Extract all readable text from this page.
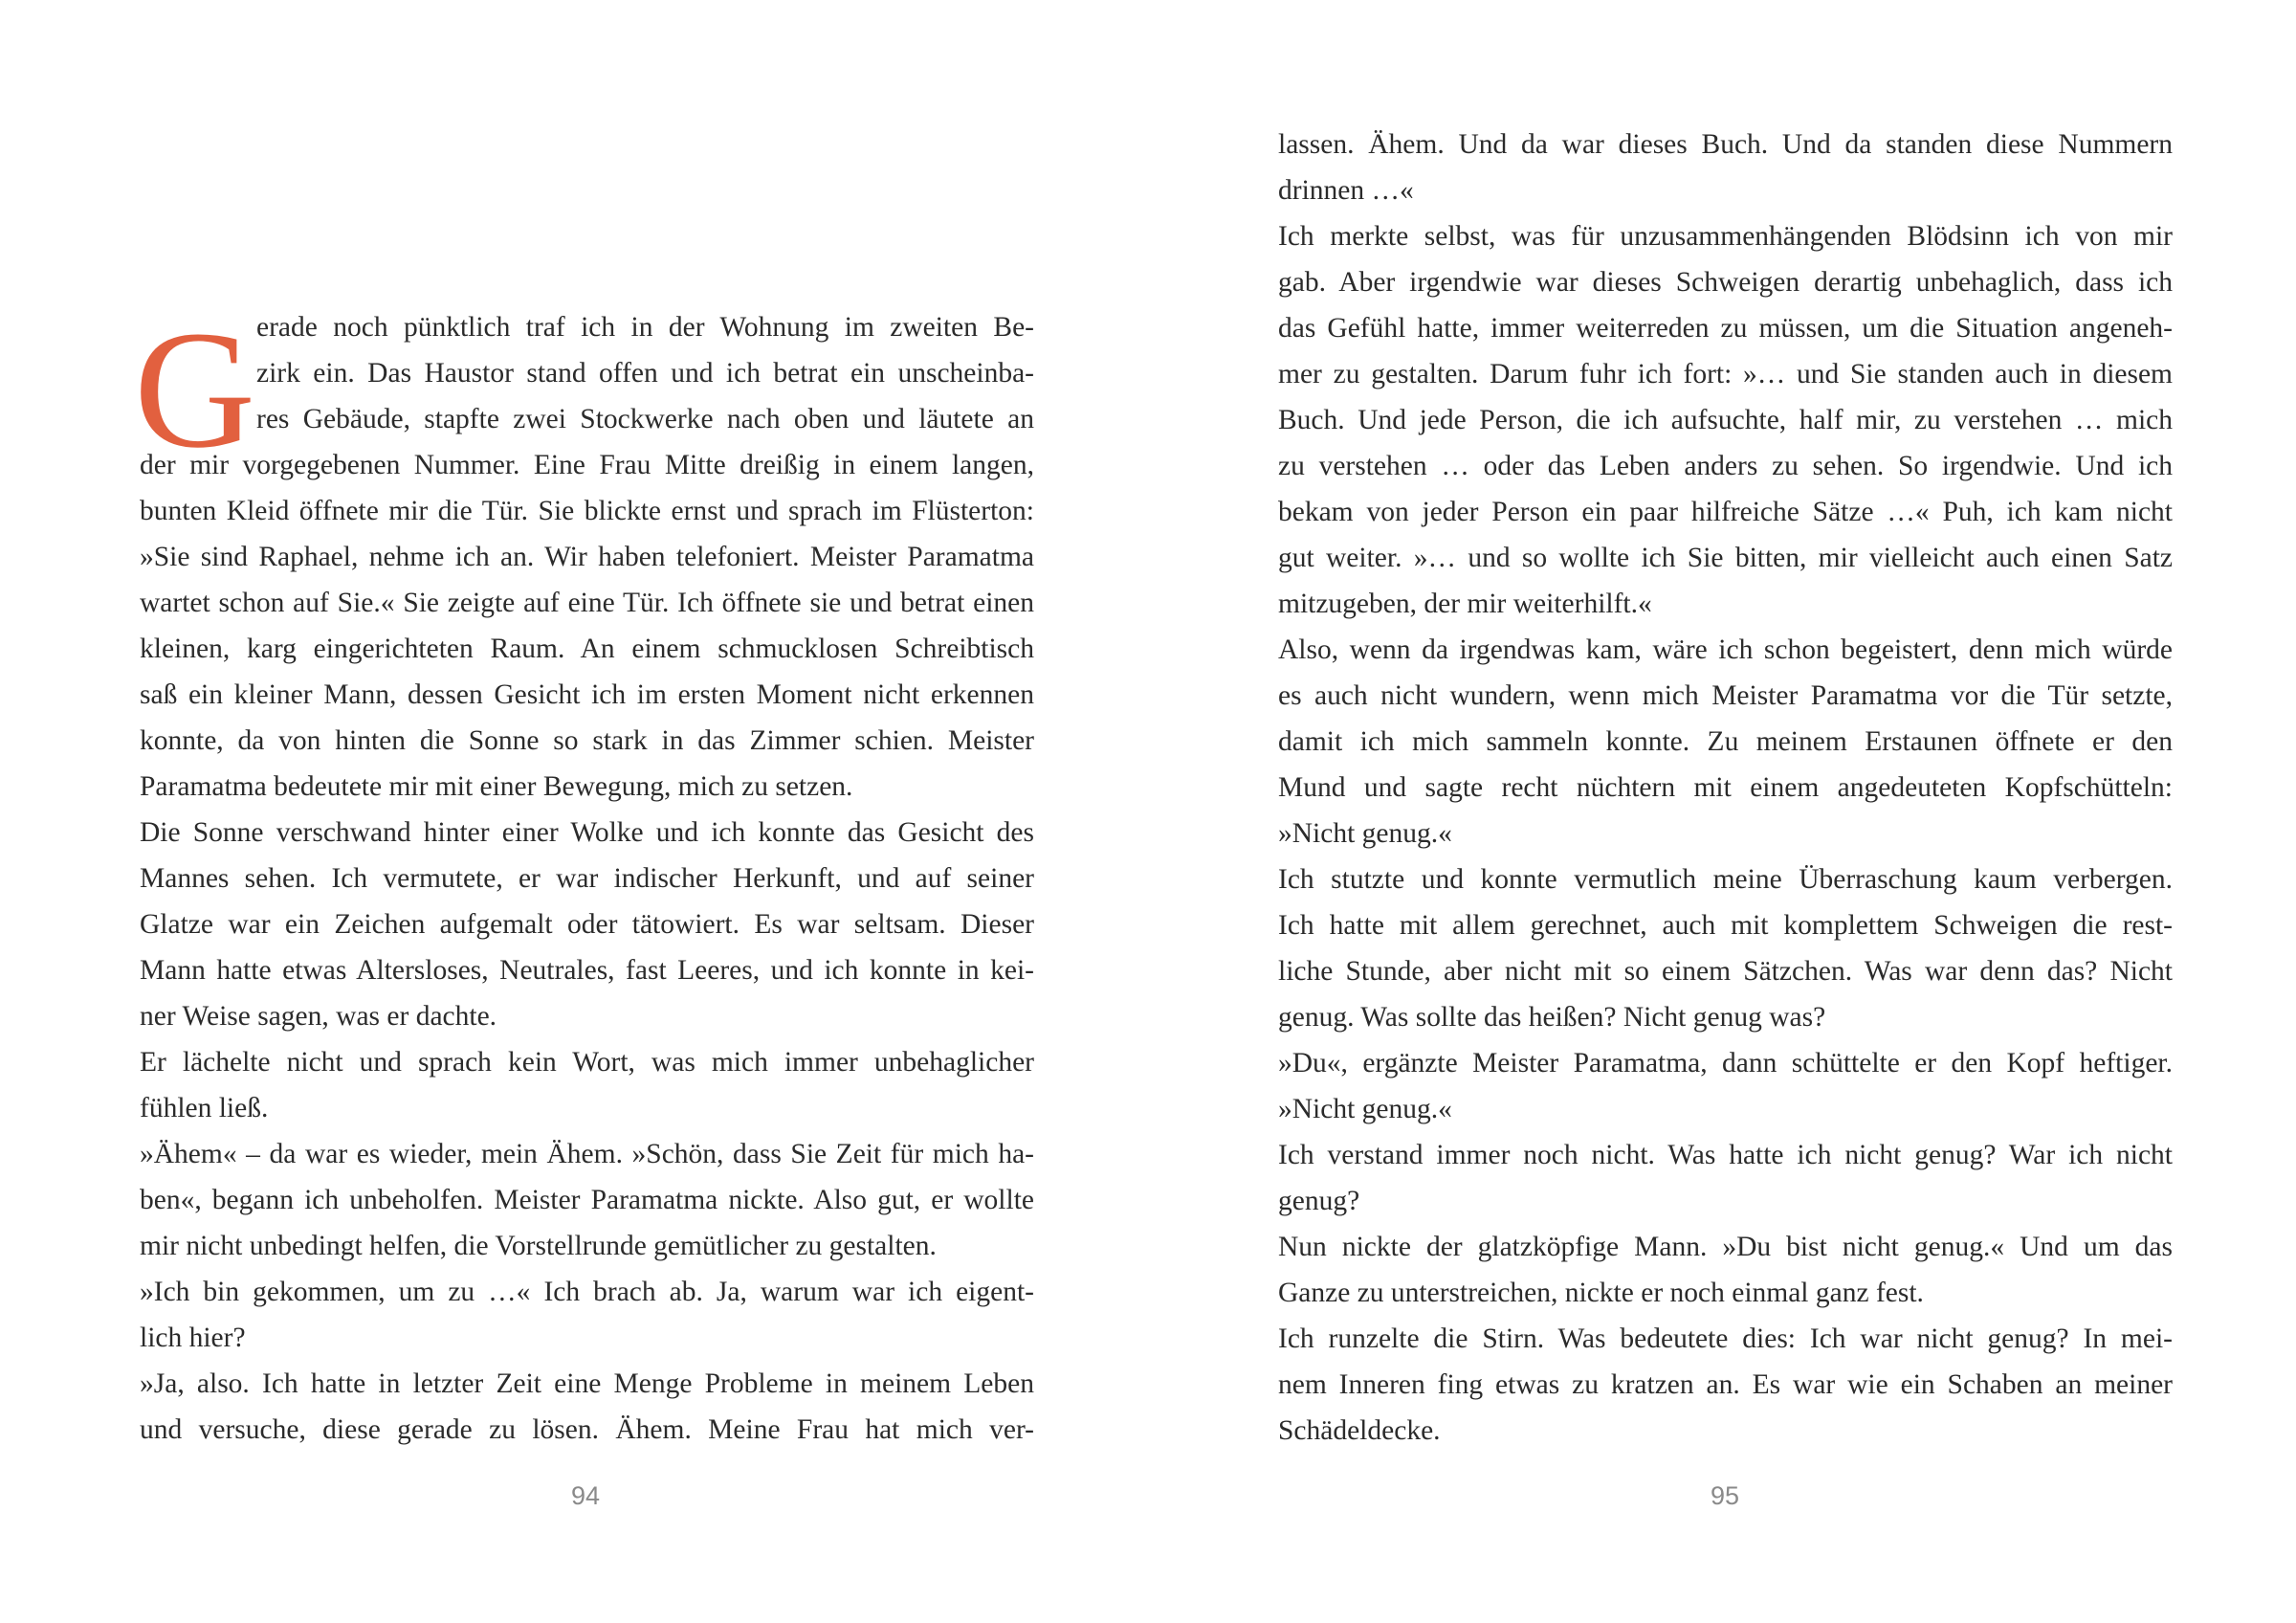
G erade noch pünktlich traf ich in der Wohnung im zweiten Be-
zirk ein. Das Haustor stand offen und ich betrat ein unscheinba-
res Gebäude, stapfte zwei Stockwerke nach oben und läutete an
der mir vorgegebenen Nummer. Eine Frau Mitte dreißig in einem langen,
bunten Kleid öffnete mir die Tür. Sie blickte ernst und sprach im Flüsterton:
»Sie sind Raphael, nehme ich an. Wir haben telefoniert. Meister Paramatma
wartet schon auf Sie.« Sie zeigte auf eine Tür. Ich öffnete sie und betrat einen
kleinen, karg eingerichteten Raum. An einem schmucklosen Schreibtisch
saß ein kleiner Mann, dessen Gesicht ich im ersten Moment nicht erkennen
konnte, da von hinten die Sonne so stark in das Zimmer schien. Meister
Paramatma bedeutete mir mit einer Bewegung, mich zu setzen.
Die Sonne verschwand hinter einer Wolke und ich konnte das Gesicht des
Mannes sehen. Ich vermutete, er war indischer Herkunft, und auf seiner
Glatze war ein Zeichen aufgemalt oder tätowiert. Es war seltsam. Dieser
Mann hatte etwas Altersloses, Neutrales, fast Leeres, und ich konnte in kei-
ner Weise sagen, was er dachte.
Er lächelte nicht und sprach kein Wort, was mich immer unbehaglicher
fühlen ließ.
»Ähem« – da war es wieder, mein Ähem. »Schön, dass Sie Zeit für mich ha-
ben«, begann ich unbeholfen. Meister Paramatma nickte. Also gut, er wollte
mir nicht unbedingt helfen, die Vorstellrunde gemütlicher zu gestalten.
»Ich bin gekommen, um zu …« Ich brach ab. Ja, warum war ich eigent-
lich hier?
»Ja, also. Ich hatte in letzter Zeit eine Menge Probleme in meinem Leben
und versuche, diese gerade zu lösen. Ähem. Meine Frau hat mich ver-
lassen. Ähem. Und da war dieses Buch. Und da standen diese Nummern
drinnen …«
Ich merkte selbst, was für unzusammenhängenden Blödsinn ich von mir
gab. Aber irgendwie war dieses Schweigen derartig unbehaglich, dass ich
das Gefühl hatte, immer weiterreden zu müssen, um die Situation angeneh-
mer zu gestalten. Darum fuhr ich fort: »… und Sie standen auch in diesem
Buch. Und jede Person, die ich aufsuchte, half mir, zu verstehen … mich
zu verstehen … oder das Leben anders zu sehen. So irgendwie. Und ich
bekam von jeder Person ein paar hilfreiche Sätze …« Puh, ich kam nicht
gut weiter. »… und so wollte ich Sie bitten, mir vielleicht auch einen Satz
mitzugeben, der mir weiterhilft.«
Also, wenn da irgendwas kam, wäre ich schon begeistert, denn mich würde
es auch nicht wundern, wenn mich Meister Paramatma vor die Tür setzte,
damit ich mich sammeln konnte. Zu meinem Erstaunen öffnete er den
Mund und sagte recht nüchtern mit einem angedeuteten Kopfschütteln:
»Nicht genug.«
Ich stutzte und konnte vermutlich meine Überraschung kaum verbergen.
Ich hatte mit allem gerechnet, auch mit komplettem Schweigen die rest-
liche Stunde, aber nicht mit so einem Sätzchen. Was war denn das? Nicht
genug. Was sollte das heißen? Nicht genug was?
»Du«, ergänzte Meister Paramatma, dann schüttelte er den Kopf heftiger.
»Nicht genug.«
Ich verstand immer noch nicht. Was hatte ich nicht genug? War ich nicht
genug?
Nun nickte der glatzköpfige Mann. »Du bist nicht genug.« Und um das
Ganze zu unterstreichen, nickte er noch einmal ganz fest.
Ich runzelte die Stirn. Was bedeutete dies: Ich war nicht genug? In mei-
nem Inneren fing etwas zu kratzen an. Es war wie ein Schaben an meiner
Schädeldecke.
94	95
